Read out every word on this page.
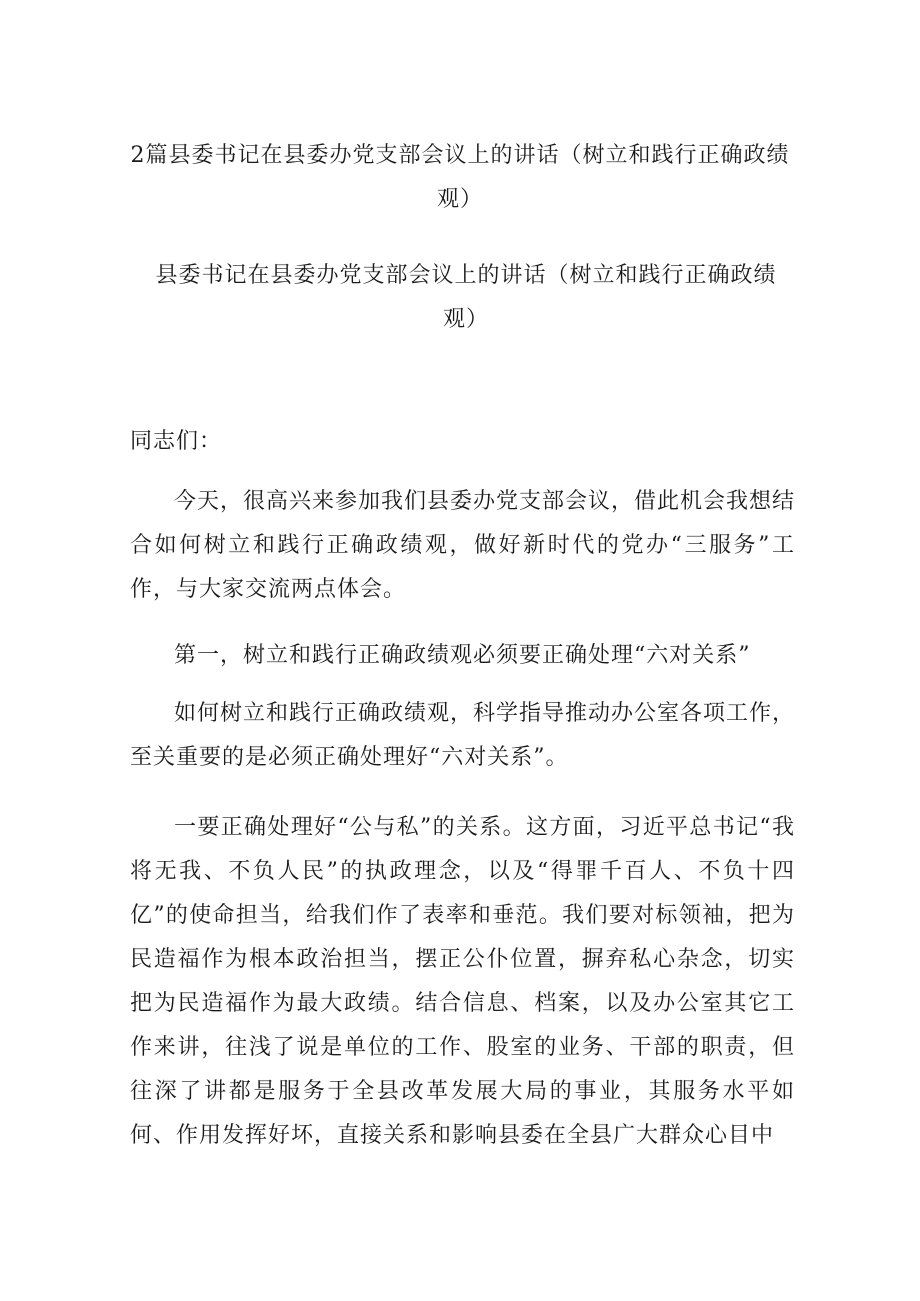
2篇县委书记在县委办党支部会议上的讲话（树立和践行正确政绩观）
县委书记在县委办党支部会议上的讲话（树立和践行正确政绩观）

同志们：

今天，很高兴来参加我们县委办党支部会议，借此机会我想结合如何树立和践行正确政绩观，做好新时代的党办“三服务”工作，与大家交流两点体会。

第一，树立和践行正确政绩观必须要正确处理“六对关系”

如何树立和践行正确政绩观，科学指导推动办公室各项工作，至关重要的是必须正确处理好“六对关系”。

一要正确处理好“公与私”的关系。这方面，习近平总书记“我将无我、不负人民”的执政理念，以及“得罪千百人、不负十四亿”的使命担当，给我们作了表率和垂范。我们要对标领袖，把为民造福作为根本政治担当，摆正公仆位置，摒弃私心杂念，切实把为民造福作为最大政绩。结合信息、档案，以及办公室其它工作来讲，往浅了说是单位的工作、股室的业务、干部的职责，但往深了讲都是服务于全县改革发展大局的事业，其服务水平如何、作用发挥好坏，直接关系和影响县委在全县广大群众心目中
